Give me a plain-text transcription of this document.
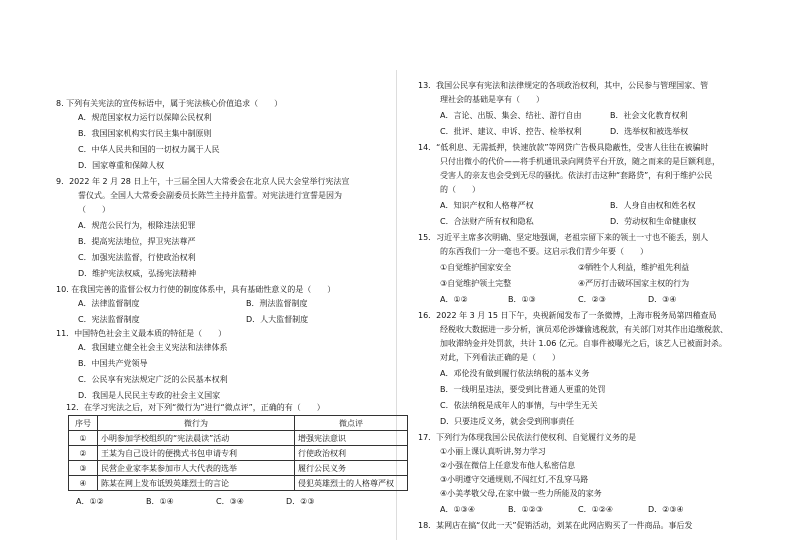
8. 下列有关宪法的宣传标语中，属于宪法核心价值追求（　　）
A．规范国家权力运行以保障公民权利
B．我国国家机构实行民主集中制原则
C．中华人民共和国的一切权力属于人民
D．国家尊重和保障人权
9．2022 年 2 月 28 日上午，十三届全国人大常委会在北京人民大会堂举行宪法宣
誓仪式。全国人大常委会副委员长陈竺主持并监誓。对宪法进行宣誓是因为
（　　）
A．规范公民行为，根除违法犯罪
B．提高宪法地位，捍卫宪法尊严
C．加强宪法监督，行使政治权利
D．维护宪法权威，弘扬宪法精神
10. 在我国完善的监督公权力行使的制度体系中，具有基础性意义的是（　　）
A．法律监督制度	B．刑法监督制度
C．宪法监督制度	D．人大监督制度
11．中国特色社会主义最本质的特征是（　　）
A．我国建立健全社会主义宪法和法律体系
B．中国共产党领导
C．公民享有宪法规定广泛的公民基本权利
D．我国是人民民主专政的社会主义国家
12．在学习宪法之后，对下列“微行为”进行“微点评”，正确的有（　　）
序号	微行为	微点评
①	小明参加学校组织的“宪法晨读”活动	增强宪法意识
②	王某为自己设计的便携式书包申请专利	行使政治权利
③	民营企业家李某参加市人大代表的选举	履行公民义务
④	陈某在网上发布诋毁英雄烈士的言论	侵犯英雄烈士的人格尊严权
A．①②	B．①④	C．③④	D．②③
13．我国公民享有宪法和法律规定的各项政治权利，其中，公民参与管理国家、管
理社会的基础是享有（　　）
A．言论、出版、集会、结社、游行自由	B．社会文化教育权利
C．批评、建议、申诉、控告、检举权利	D．选举权和被选举权
14．“低利息、无需抵押，快速放款”等网贷广告极具隐蔽性，受害人往往在被骗时
只付出微小的代价——将手机通讯录向网贷平台开放，随之而来的是巨额利息，
受害人的亲友也会受到无尽的骚扰。依法打击这种“套路贷”，有利于维护公民
的（　　）
A．知识产权和人格尊严权	B．人身自由权和姓名权
C．合法财产所有权和隐私	D．劳动权和生命健康权
15．习近平主席多次明确、坚定地强调，老祖宗留下来的领土一寸也不能丢，别人
的东西我们一分一毫也不要。这启示我们青少年要（　　）
①自觉维护国家安全	②牺牲个人利益，维护祖先利益
③自觉维护领土完整	④严厉打击破坏国家主权的行为
A．①②	B．①③	C．②③	D．③④
16．2022 年 3 月 15 日下午，央视新闻发布了一条微博，上海市税务局第四稽查局
经税收大数据进一步分析，演员邓伦涉嫌偷逃税款，有关部门对其作出追缴税款、
加收滞纳金并处罚款，共计 1.06 亿元。自事件被曝光之后，该艺人已被面封杀。
对此，下列看法正确的是（　　）
A．邓伦没有做到履行依法纳税的基本义务
B．一线明星违法，要受到比普通人更重的处罚
C．依法纳税是成年人的事情，与中学生无关
D．只要违反义务，就会受到刑事责任
17．下列行为体现我国公民依法行使权利、自觉履行义务的是
①小丽上课认真听讲,努力学习
②小强在微信上任意发布他人私密信息
③小明遵守交通规则,不闯红灯,不乱穿马路
④小美孝敬父母,在家中做一些力所能及的家务
A．①③④	B．①②③	C．①②④	D．②③④
18．某网店在搞“仅此一天”促销活动，刘某在此网店购买了一件商品。事后发
